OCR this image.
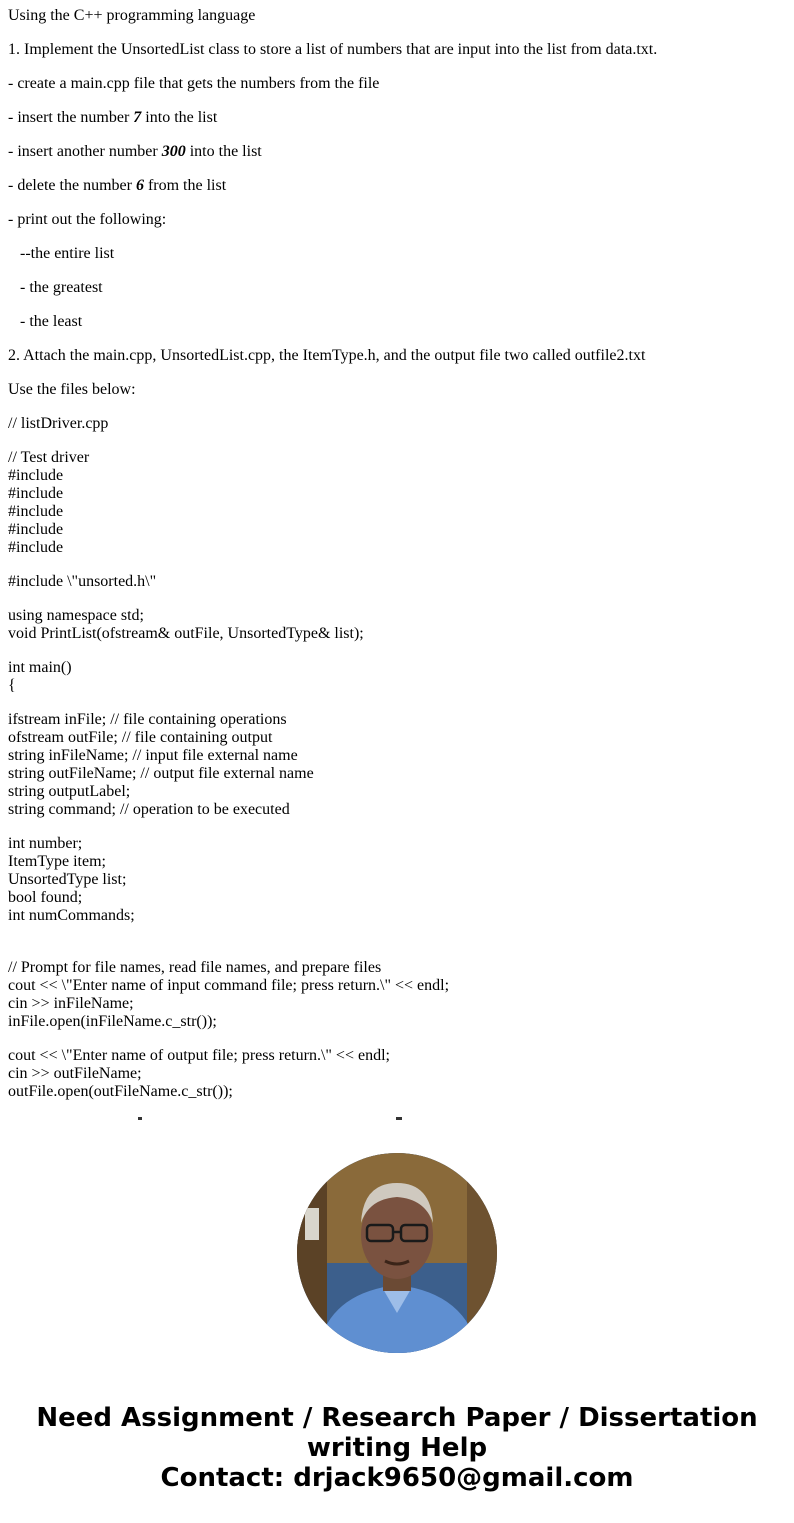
Using the C++ programming language

1. Implement the UnsortedList class to store a list of numbers that are input into the list from data.txt.

- create a main.cpp file that gets the numbers from the file

- insert the number 7 into the list

- insert another number 300 into the list

- delete the number 6 from the list

- print out the following:

--the entire list

- the greatest

- the least

2. Attach the main.cpp, UnsortedList.cpp, the ItemType.h, and the output file two called outfile2.txt

Use the files below:

// listDriver.cpp

// Test driver
#include
#include
#include
#include
#include

#include \"unsorted.h\"

using namespace std;
void PrintList(ofstream& outFile, UnsortedType& list);
int main()
{
ifstream inFile; // file containing operations
ofstream outFile; // file containing output
string inFileName; // input file external name
string outFileName; // output file external name
string outputLabel;
string command; // operation to be executed
int number;
ItemType item;
UnsortedType list;
bool found;
int numCommands;
// Prompt for file names, read file names, and prepare files
cout << \"Enter name of input command file; press return.\" << endl;
cin >> inFileName;
inFile.open(inFileName.c_str());
cout << \"Enter name of output file; press return.\" << endl;
cin >> outFileName;
outFile.open(outFileName.c_str());

Need Assignment / Research Paper / Dissertation
writing Help
Contact: drjack9650@gmail.com
